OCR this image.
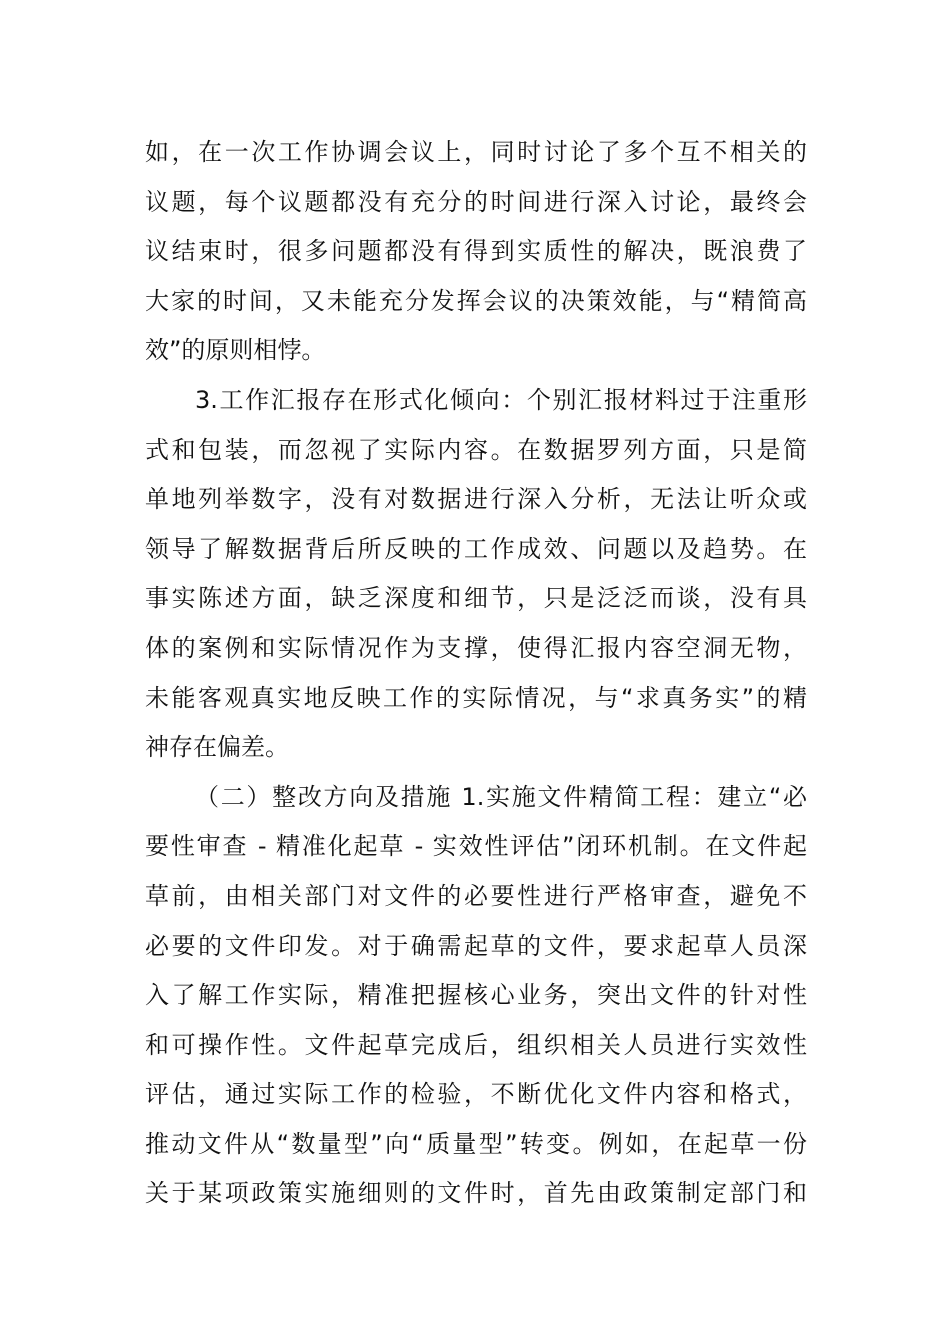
如，在一次工作协调会议上，同时讨论了多个互不相关的
议题，每个议题都没有充分的时间进行深入讨论，最终会
议结束时，很多问题都没有得到实质性的解决，既浪费了
大家的时间，又未能充分发挥会议的决策效能，与“精简高
效”的原则相悖。
3.工作汇报存在形式化倾向：个别汇报材料过于注重形
式和包装，而忽视了实际内容。在数据罗列方面，只是简
单地列举数字，没有对数据进行深入分析，无法让听众或
领导了解数据背后所反映的工作成效、问题以及趋势。在
事实陈述方面，缺乏深度和细节，只是泛泛而谈，没有具
体的案例和实际情况作为支撑，使得汇报内容空洞无物，
未能客观真实地反映工作的实际情况，与“求真务实”的精
神存在偏差。
（二）整改方向及措施 1.实施文件精简工程：建立“必
要性审查 - 精准化起草 - 实效性评估”闭环机制。在文件起
草前，由相关部门对文件的必要性进行严格审查，避免不
必要的文件印发。对于确需起草的文件，要求起草人员深
入了解工作实际，精准把握核心业务，突出文件的针对性
和可操作性。文件起草完成后，组织相关人员进行实效性
评估，通过实际工作的检验，不断优化文件内容和格式，
推动文件从“数量型”向“质量型”转变。例如，在起草一份
关于某项政策实施细则的文件时，首先由政策制定部门和
